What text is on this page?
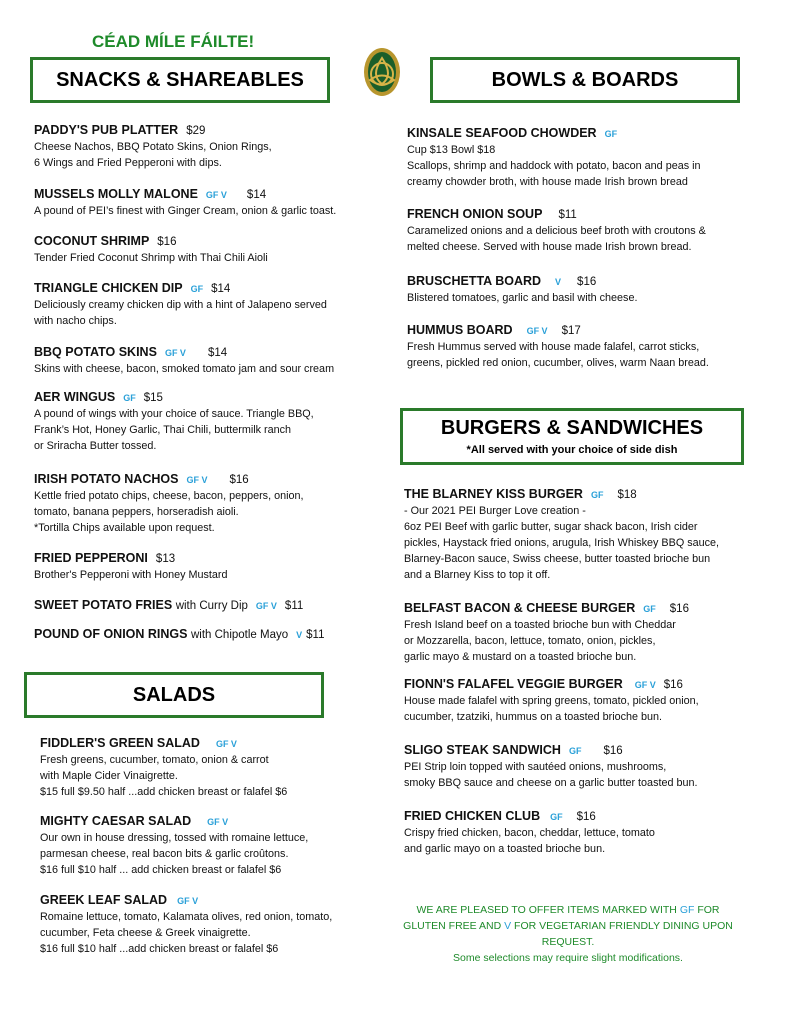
CÉAD MÍLE FÁILTE!
SNACKS & SHAREABLES	BOWLS & BOARDS
BURGERS & SANDWICHES
*All served with your choice of side dish
SALADS
PADDY'S PUB PLATTER $29
Cheese Nachos, BBQ Potato Skins, Onion Rings,
6 Wings and Fried Pepperoni with dips.
MUSSELS MOLLY MALONE GF V $14
A pound of PEI’s finest with Ginger Cream, onion & garlic toast.
COCONUT SHRIMP $16
Tender Fried Coconut Shrimp with Thai Chili Aioli
TRIANGLE CHICKEN DIP GF $14
Deliciously creamy chicken dip with a hint of Jalapeno served
with nacho chips.
BBQ POTATO SKINS GF V $14
Skins with cheese, bacon, smoked tomato jam and sour cream
AER WINGUS GF $15
A pound of wings with your choice of sauce. Triangle BBQ,
Frank’s Hot, Honey Garlic, Thai Chili, buttermilk ranch
or Sriracha Butter tossed.
IRISH POTATO NACHOS GF V $16
Kettle fried potato chips, cheese, bacon, peppers, onion,
tomato, banana peppers, horseradish aioli.
*Tortilla Chips available upon request.
FRIED PEPPERONI $13
Brother's Pepperoni with Honey Mustard
SWEET POTATO FRIES with Curry Dip GF V $11
POUND OF ONION RINGS with Chipotle Mayo V $11
FIDDLER'S GREEN SALAD GF V
Fresh greens, cucumber, tomato, onion & carrot
with Maple Cider Vinaigrette.
$15 full $9.50 half ...add chicken breast or falafel $6
MIGHTY CAESAR SALAD GF V
Our own in house dressing, tossed with romaine lettuce,
parmesan cheese, real bacon bits & garlic croûtons.
$16 full $10 half ... add chicken breast or falafel $6
GREEK LEAF SALAD GF V
Romaine lettuce, tomato, Kalamata olives, red onion, tomato,
cucumber, Feta cheese & Greek vinaigrette.
$16 full $10 half ...add chicken breast or falafel $6
KINSALE SEAFOOD CHOWDER GF
Cup $13 Bowl $18
Scallops, shrimp and haddock with potato, bacon and peas in
creamy chowder broth, with house made Irish brown bread
FRENCH ONION SOUP $11
Caramelized onions and a delicious beef broth with croutons &
melted cheese. Served with house made Irish brown bread.
BRUSCHETTA BOARD V $16
Blistered tomatoes, garlic and basil with cheese.
HUMMUS BOARD GF V $17
Fresh Hummus served with house made falafel, carrot sticks,
greens, pickled red onion, cucumber, olives, warm Naan bread.
THE BLARNEY KISS BURGER GF $18
- Our 2021 PEI Burger Love creation -
6oz PEI Beef with garlic butter, sugar shack bacon, Irish cider
pickles, Haystack fried onions, arugula, Irish Whiskey BBQ sauce,
Blarney-Bacon sauce, Swiss cheese, butter toasted brioche bun
and a Blarney Kiss to top it off.
BELFAST BACON & CHEESE BURGER GF $16
Fresh Island beef on a toasted brioche bun with Cheddar
or Mozzarella, bacon, lettuce, tomato, onion, pickles,
garlic mayo & mustard on a toasted brioche bun.
FIONN'S FALAFEL VEGGIE BURGER GF V $16
House made falafel with spring greens, tomato, pickled onion,
cucumber, tzatziki, hummus on a toasted brioche bun.
SLIGO STEAK SANDWICH GF $16
PEI Strip loin topped with sautéed onions, mushrooms,
smoky BBQ sauce and cheese on a garlic butter toasted bun.
FRIED CHICKEN CLUB GF $16
Crispy fried chicken, bacon, cheddar, lettuce, tomato
and garlic mayo on a toasted brioche bun.
WE ARE PLEASED TO OFFER ITEMS MARKED WITH GF FOR GLUTEN FREE AND V FOR VEGETARIAN FRIENDLY DINING UPON REQUEST.
Some selections may require slight modifications.
